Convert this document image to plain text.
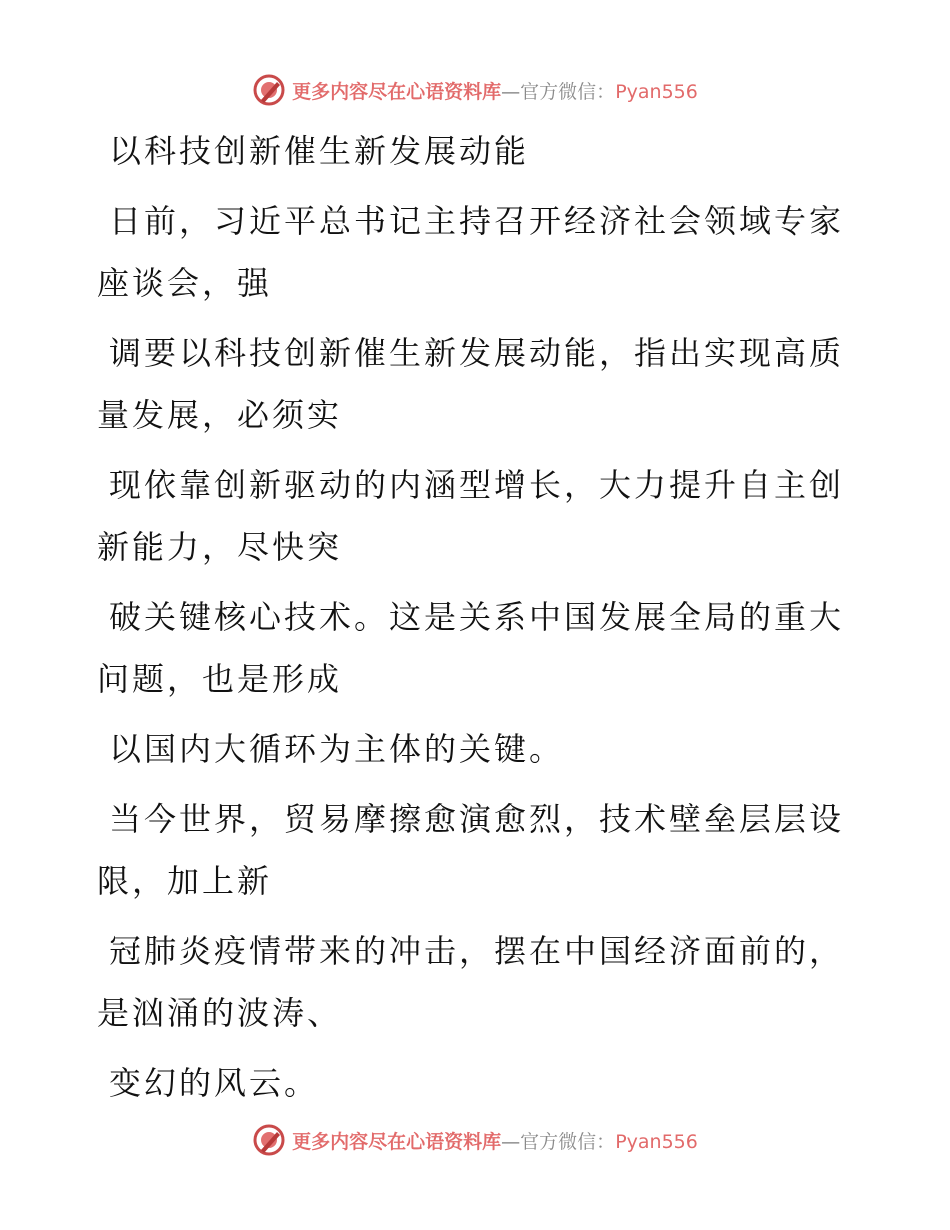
更多内容尽在心语资料库—官方微信：Pyan556

以科技创新催生新发展动能

日前，习近平总书记主持召开经济社会领域专家

座谈会，强

调要以科技创新催生新发展动能，指出实现高质

量发展，必须实

现依靠创新驱动的内涵型增长，大力提升自主创

新能力，尽快突

破关键核心技术。这是关系中国发展全局的重大

问题，也是形成

以国内大循环为主体的关键。

当今世界，贸易摩擦愈演愈烈，技术壁垒层层设

限，加上新

冠肺炎疫情带来的冲击，摆在中国经济面前的，

是汹涌的波涛、

变幻的风云。

更多内容尽在心语资料库—官方微信：Pyan556
